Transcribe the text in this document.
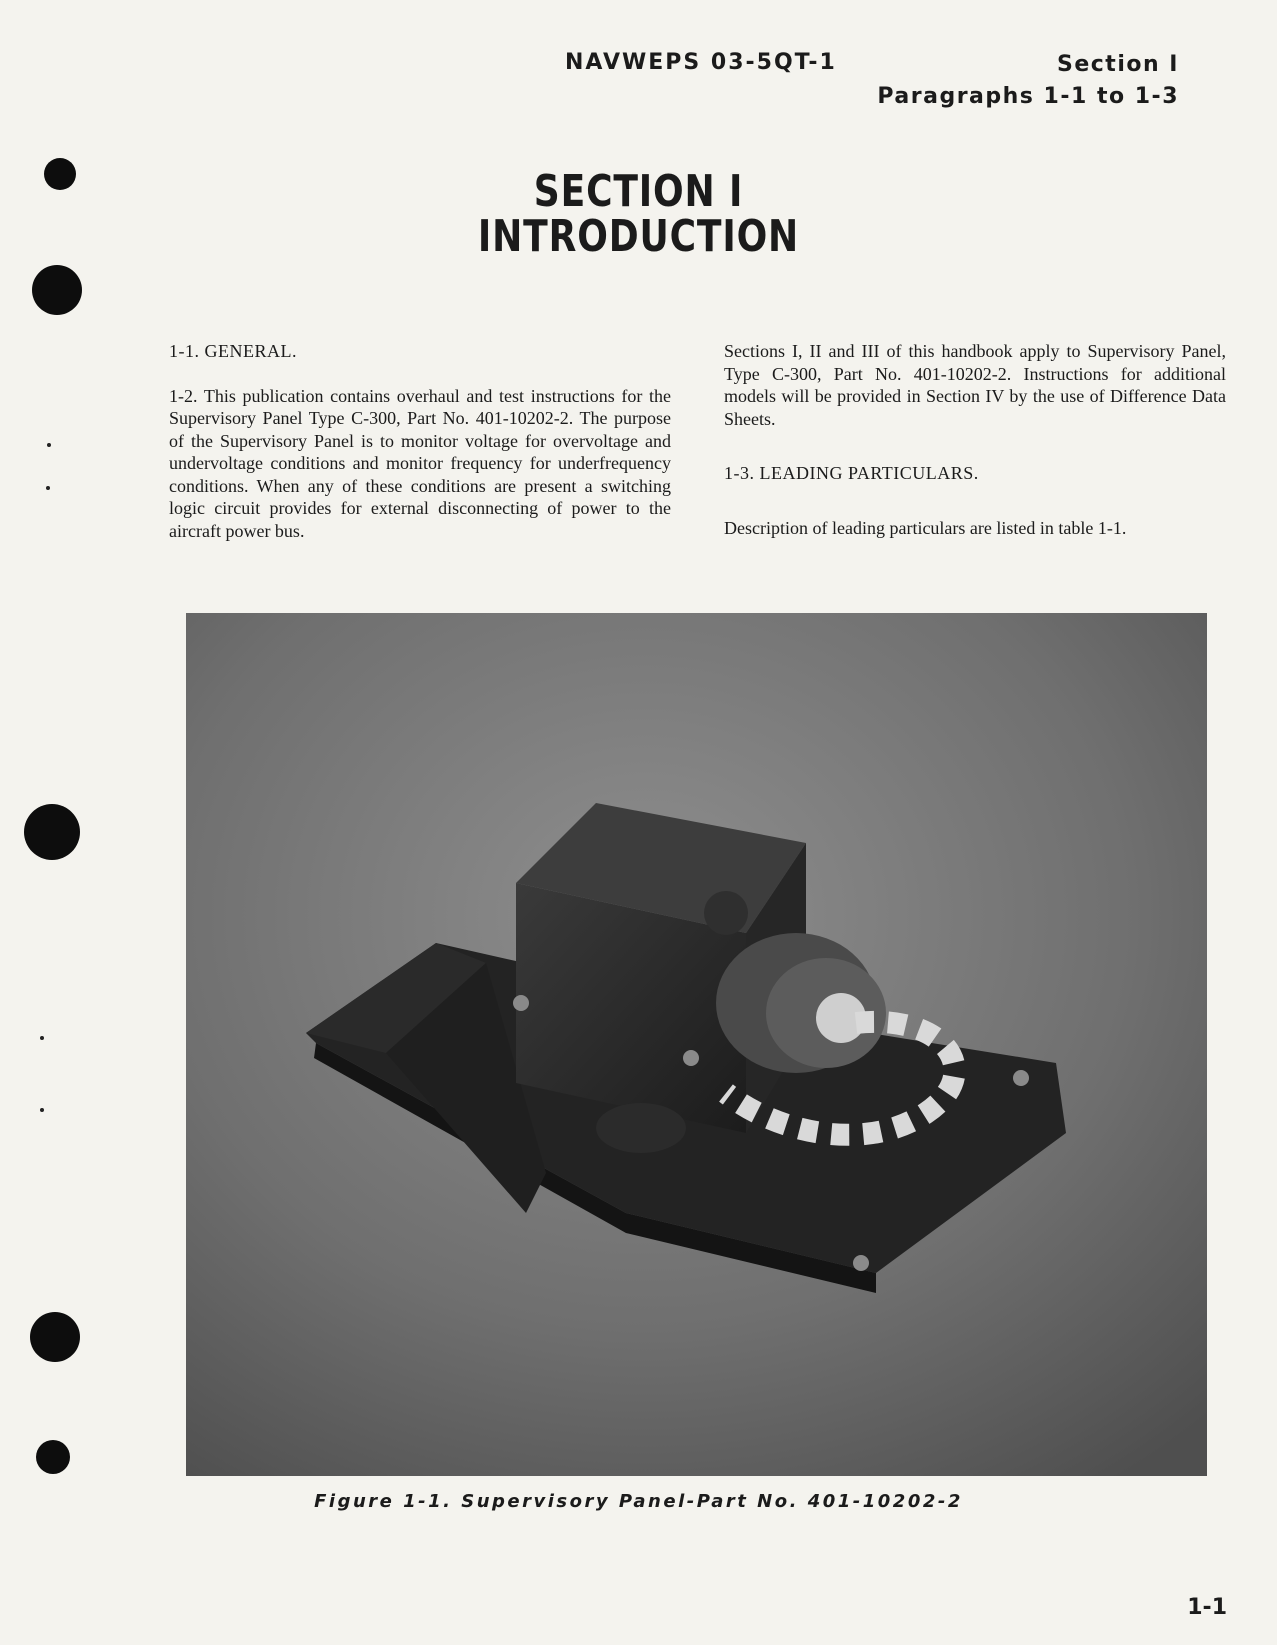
NAVWEPS 03-5QT-1	Section I
Paragraphs 1-1 to 1-3
SECTION I
INTRODUCTION

1-1. GENERAL.

1-2. This publication contains overhaul and test instructions for the Supervisory Panel Type C-300, Part No. 401-10202-2. The purpose of the Supervisory Panel is to monitor voltage for overvoltage and undervoltage conditions and monitor frequency for underfrequency conditions. When any of these conditions are present a switching logic circuit provides for external disconnecting of power to the aircraft power bus.

Sections I, II and III of this handbook apply to Supervisory Panel, Type C-300, Part No. 401-10202-2. Instructions for additional models will be provided in Section IV by the use of Difference Data Sheets.

1-3. LEADING PARTICULARS.

Description of leading particulars are listed in table 1-1.

Figure 1-1. Supervisory Panel-Part No. 401-10202-2
1-1
